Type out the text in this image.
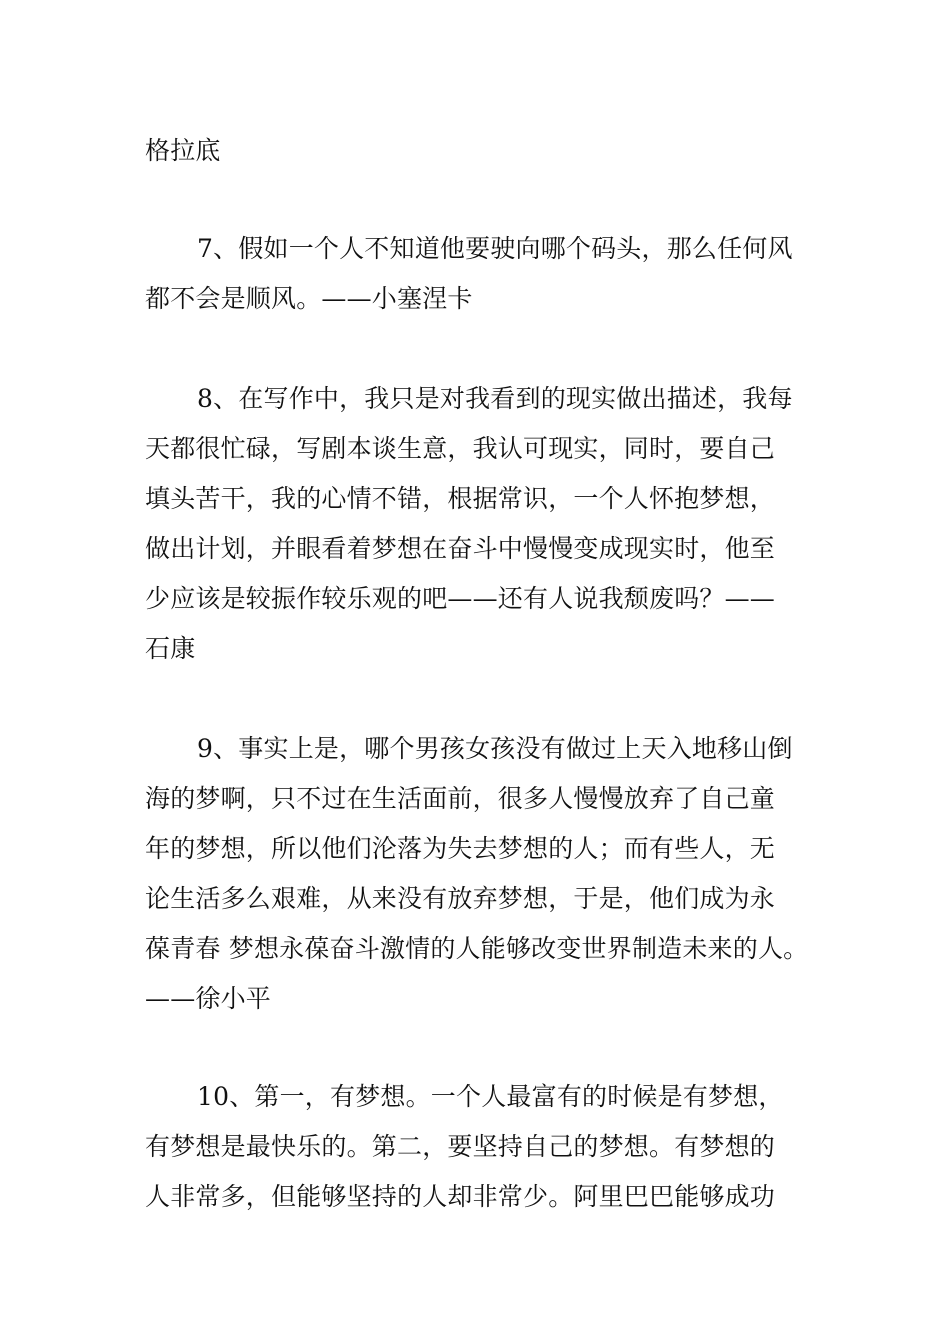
格拉底
7、假如一个人不知道他要驶向哪个码头，那么任何风
都不会是顺风。——小塞涅卡
8、在写作中，我只是对我看到的现实做出描述，我每
天都很忙碌，写剧本谈生意，我认可现实，同时，要自己
填头苦干，我的心情不错，根据常识，一个人怀抱梦想，
做出计划，并眼看着梦想在奋斗中慢慢变成现实时，他至
少应该是较振作较乐观的吧——还有人说我颓废吗？——
石康
9、事实上是，哪个男孩女孩没有做过上天入地移山倒
海的梦啊，只不过在生活面前，很多人慢慢放弃了自己童
年的梦想，所以他们沦落为失去梦想的人；而有些人，无
论生活多么艰难，从来没有放弃梦想，于是，他们成为永
葆青春 梦想永葆奋斗激情的人能够改变世界制造未来的人。
——徐小平
10、第一，有梦想。一个人最富有的时候是有梦想，
有梦想是最快乐的。第二，要坚持自己的梦想。有梦想的
人非常多，但能够坚持的人却非常少。阿里巴巴能够成功
